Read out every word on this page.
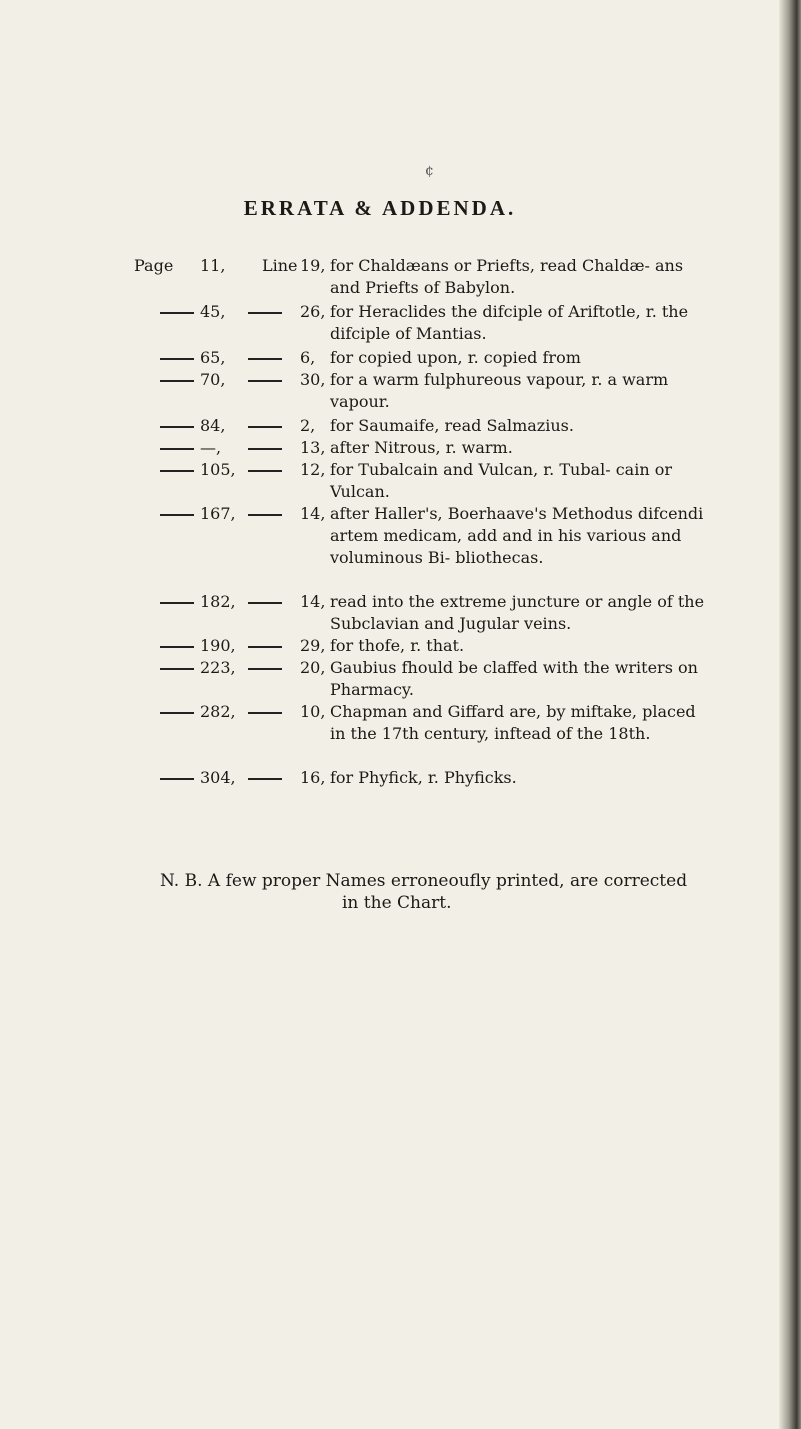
¢
ERRATA & ADDENDA.
Page 11, Line 19, for Chaldæans or Priefts, read Chaldæ- ans and Priefts of Babylon.
45,	26, for Heraclides the difciple of Ariftotle, r. the difciple of Mantias.
65,	6, for copied upon, r. copied from
70,	30, for a warm fulphureous vapour, r. a warm vapour.
84,	2, for Saumaife, read Salmazius.
—,	13, after Nitrous, r. warm.
105,	12, for Tubalcain and Vulcan, r. Tubal- cain or Vulcan.
167,	14, after Haller's, Boerhaave's Methodus difcendi artem medicam, add and in his various and voluminous Bi- bliothecas.
182,	14, read into the extreme juncture or angle of the Subclavian and Jugular veins.
190,	29, for thofe, r. that.
223,	20, Gaubius fhould be claffed with the writers on Pharmacy.
282,	10, Chapman and Giffard are, by miftake, placed in the 17th century, inftead of the 18th.
304,	16, for Phyfick, r. Phyficks.
N. B. A few proper Names erroneoufly printed, are corrected
in the Chart.
